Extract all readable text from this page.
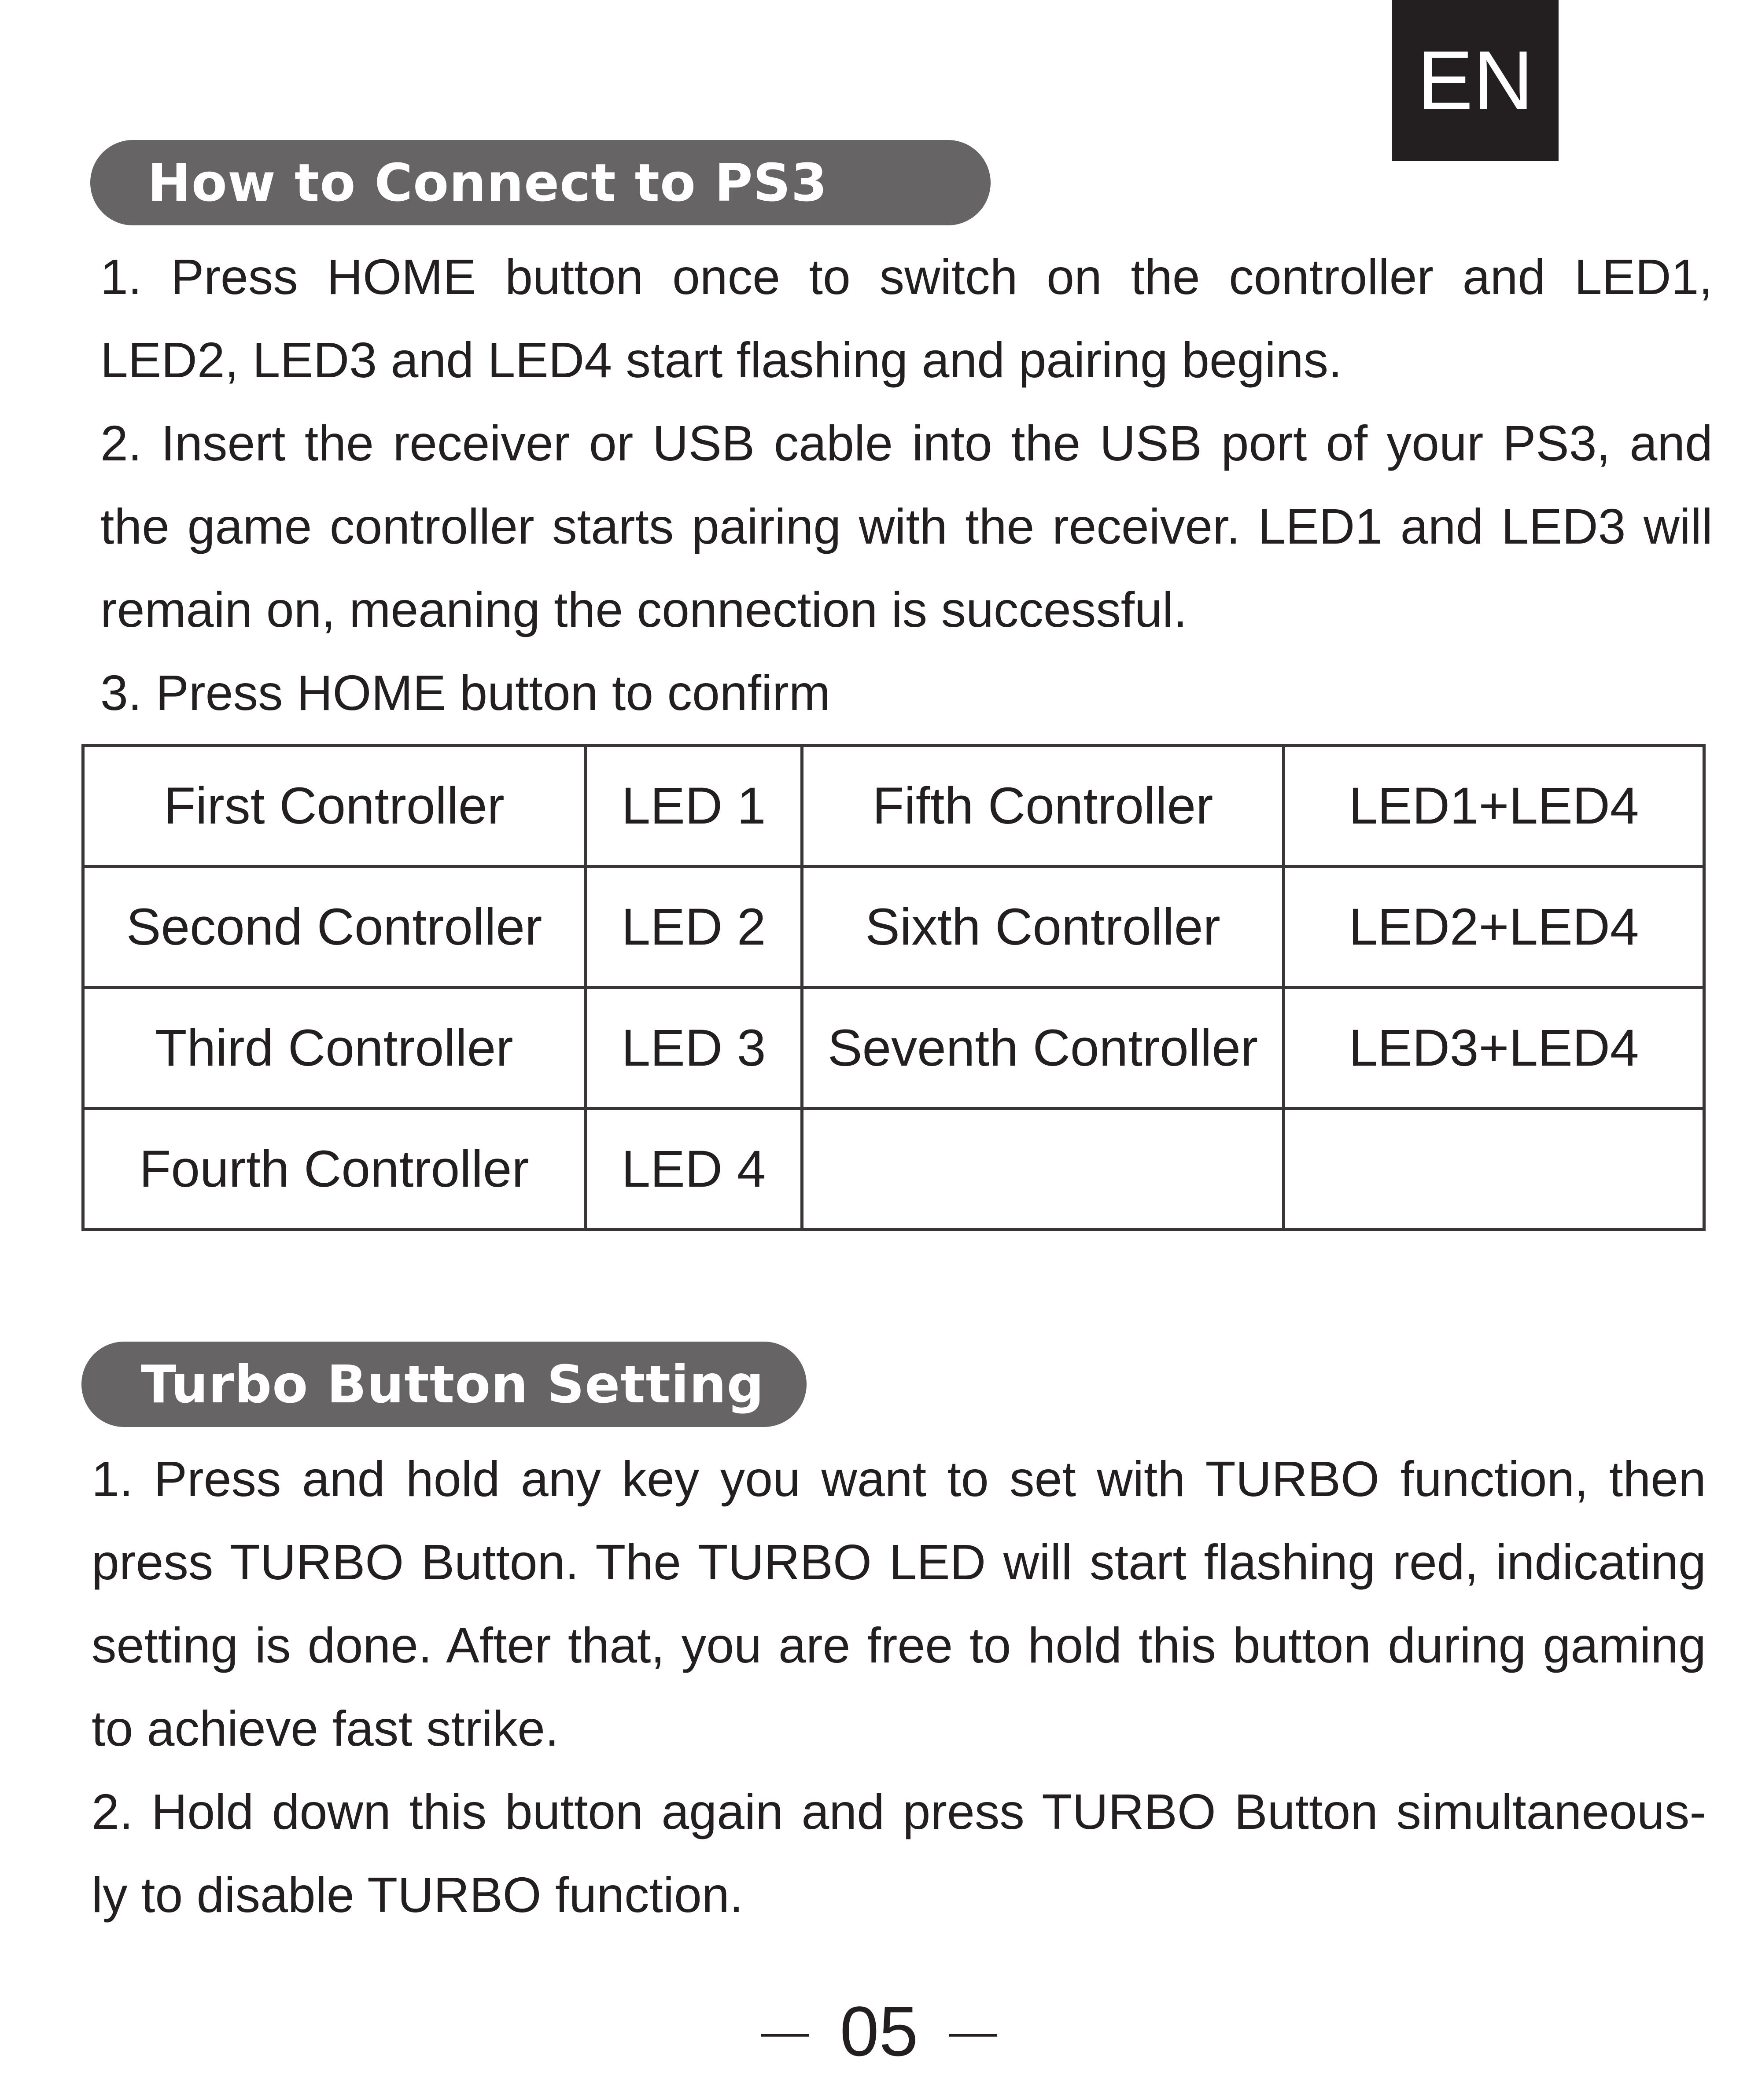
EN
How to Connect to PS3
1. Press HOME button once to switch on the controller and LED1,
LED2, LED3 and LED4 start flashing and pairing begins.
2. Insert the receiver or USB cable into the USB port of your PS3, and
the game controller starts pairing with the receiver. LED1 and LED3 will
remain on, meaning the connection is successful.
3. Press HOME button to confirm
First Controller	LED 1	Fifth Controller	LED1+LED4
Second Controller	LED 2	Sixth Controller	LED2+LED4
Third Controller	LED 3	Seventh Controller	LED3+LED4
Fourth Controller	LED 4		
Turbo Button Setting
1. Press and hold any key you want to set with TURBO function, then
press TURBO Button. The TURBO LED will start flashing red, indicating
setting is done. After that, you are free to hold this button during gaming
to achieve fast strike.
2. Hold down this button again and press TURBO Button simultaneous-
ly to disable TURBO function.
05
